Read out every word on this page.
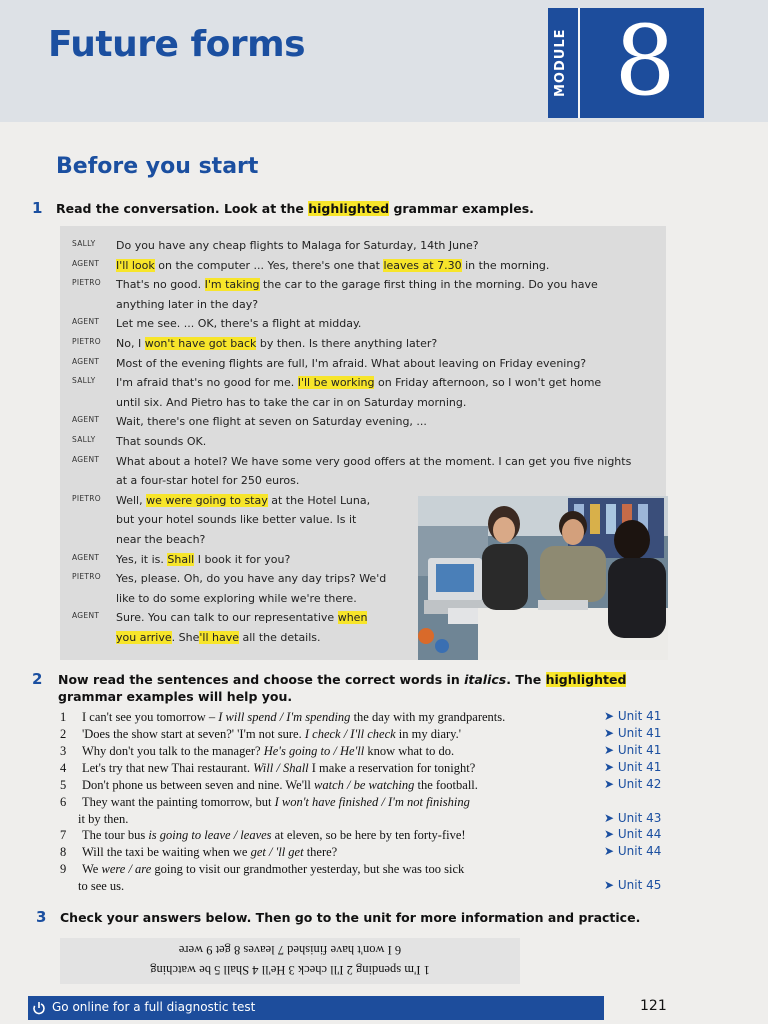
Future forms	MODULE 8
Before you start
1 Read the conversation. Look at the highlighted grammar examples.
SALLY	Do you have any cheap flights to Malaga for Saturday, 14th June?
AGENT	I'll look on the computer ... Yes, there's one that leaves at 7.30 in the morning.
PIETRO	That's no good. I'm taking the car to the garage first thing in the morning. Do you have
anything later in the day?
AGENT	Let me see. ... OK, there's a flight at midday.
PIETRO	No, I won't have got back by then. Is there anything later?
AGENT	Most of the evening flights are full, I'm afraid. What about leaving on Friday evening?
SALLY	I'm afraid that's no good for me. I'll be working on Friday afternoon, so I won't get home
until six. And Pietro has to take the car in on Saturday morning.
AGENT	Wait, there's one flight at seven on Saturday evening, ...
SALLY	That sounds OK.
AGENT	What about a hotel? We have some very good offers at the moment. I can get you five nights
at a four-star hotel for 250 euros.
PIETRO	Well, we were going to stay at the Hotel Luna,
but your hotel sounds like better value. Is it
near the beach?
AGENT	Yes, it is. Shall I book it for you?
PIETRO	Yes, please. Oh, do you have any day trips? We'd
like to do some exploring while we're there.
AGENT	Sure. You can talk to our representative when
you arrive. She'll have all the details.
2 Now read the sentences and choose the correct words in italics. The highlighted
grammar examples will help you.
1 I can't see you tomorrow – I will spend / I'm spending the day with my grandparents.	➤ Unit 41
2 'Does the show start at seven?' 'I'm not sure. I check / I'll check in my diary.'	➤ Unit 41
3 Why don't you talk to the manager? He's going to / He'll know what to do.	➤ Unit 41
4 Let's try that new Thai restaurant. Will / Shall I make a reservation for tonight?	➤ Unit 41
5 Don't phone us between seven and nine. We'll watch / be watching the football.	➤ Unit 42
6 They want the painting tomorrow, but I won't have finished / I'm not finishing
it by then.	➤ Unit 43
7 The tour bus is going to leave / leaves at eleven, so be here by ten forty-five!	➤ Unit 44
8 Will the taxi be waiting when we get / 'll get there?	➤ Unit 44
9 We were / are going to visit our grandmother yesterday, but she was too sick
to see us.	➤ Unit 45
3 Check your answers below. Then go to the unit for more information and practice.
6 I won't have finished 7 leaves 8 get 9 were
1 I'm spending 2 I'll check 3 He'll 4 Shall 5 be watching
Go online for a full diagnostic test	121
